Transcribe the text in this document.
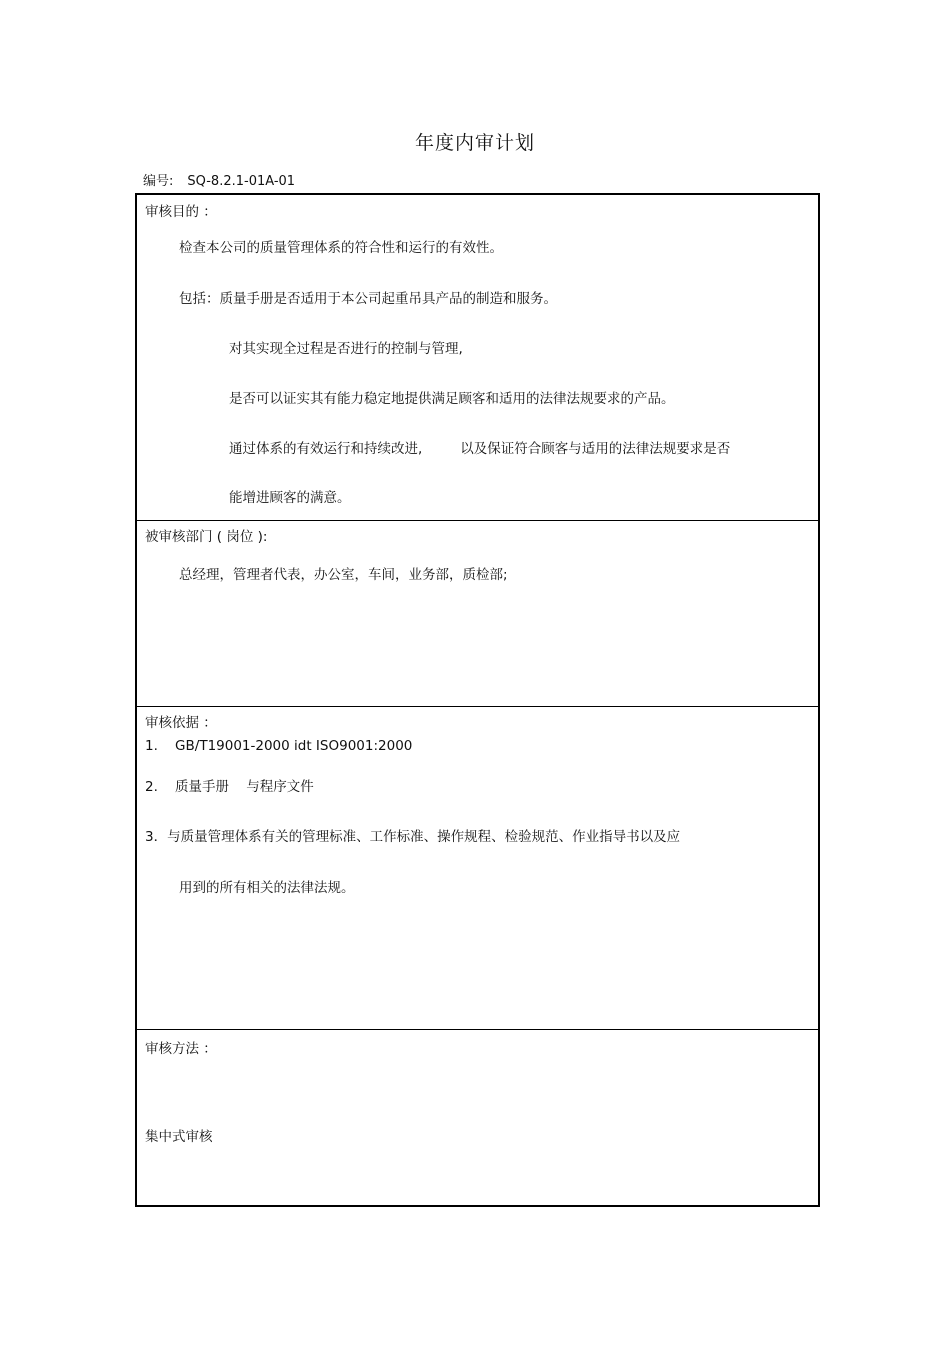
年度内审计划
编号: SQ-8.2.1-01A-01
审核目的 ：
检查本公司的质量管理体系的符合性和运行的有效性。
包括：质量手册是否适用于本公司起重吊具产品的制造和服务。
对其实现全过程是否进行的控制与管理,
是否可以证实其有能力稳定地提供满足顾客和适用的法律法规要求的产品。
通过体系的有效运行和持续改进,	以及保证符合顾客与适用的法律法规要求是否
能增进顾客的满意。
被审核部门 ( 岗位 ):
总经理，管理者代表，办公室，车间，业务部，质检部;
审核依据 ：
1.    GB/T19001-2000 idt ISO9001:2000
2.    质量手册    与程序文件
3．与质量管理体系有关的管理标准、工作标准、操作规程、检验规范、作业指导书以及应
用到的所有相关的法律法规。
审核方法 ：
集中式审核
